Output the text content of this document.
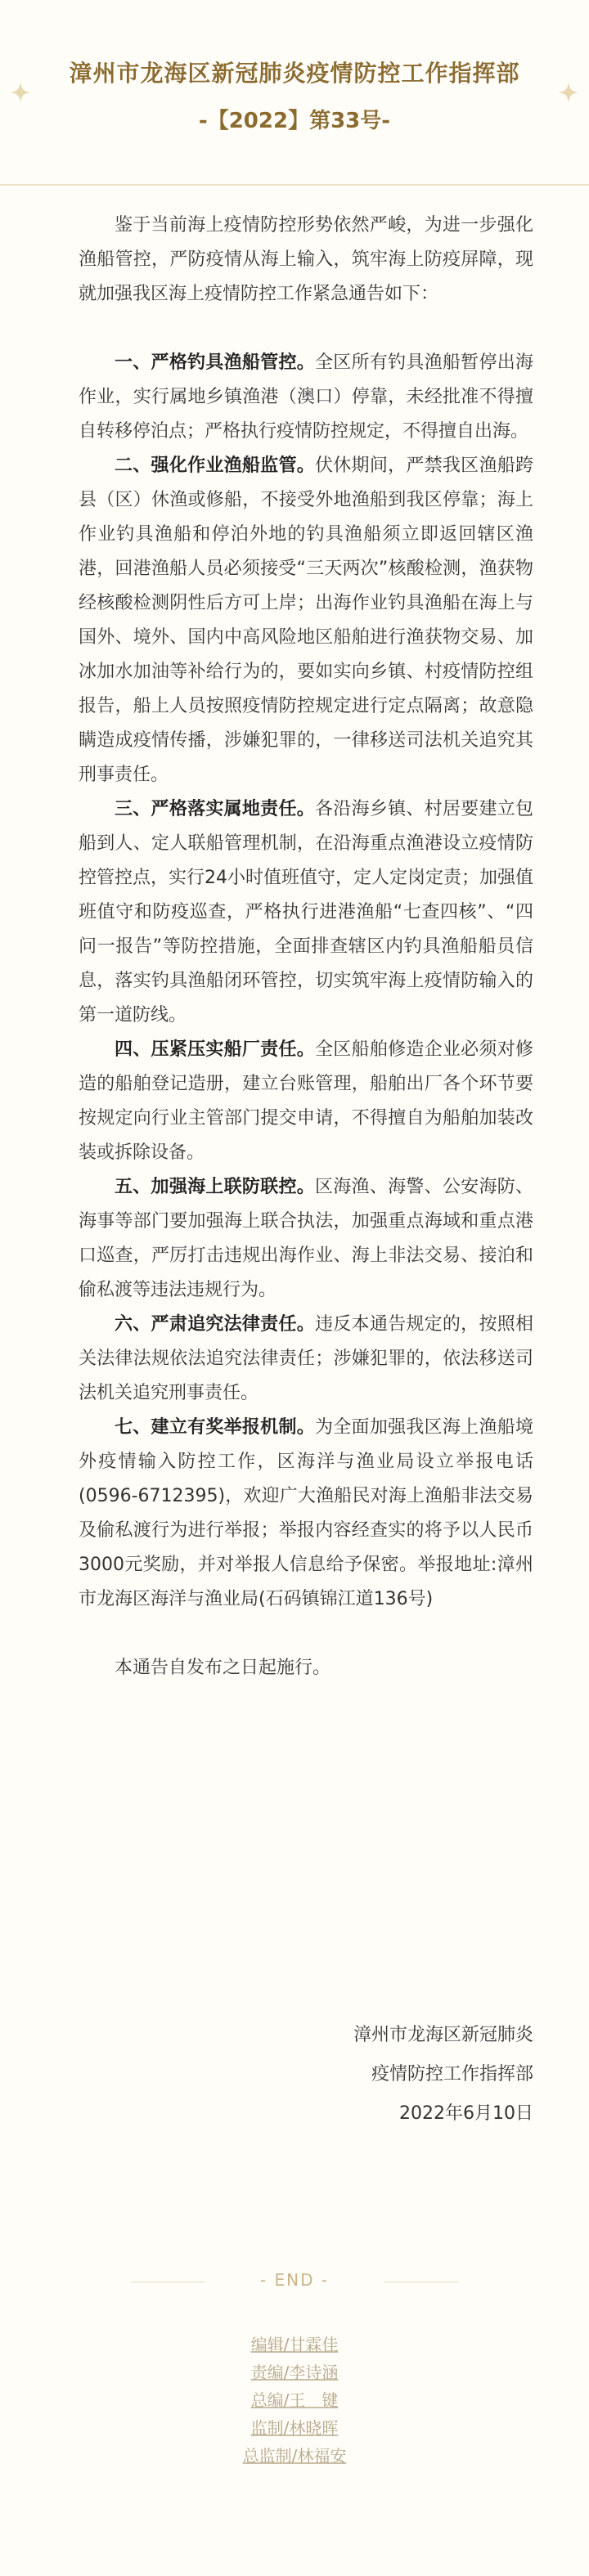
漳州市龙海区新冠肺炎疫情防控工作指挥部
-【2022】第33号-

鉴于当前海上疫情防控形势依然严峻，为进一步强化渔船管控，严防疫情从海上输入，筑牢海上防疫屏障，现就加强我区海上疫情防控工作紧急通告如下：

一、严格钓具渔船管控。全区所有钓具渔船暂停出海作业，实行属地乡镇渔港（澳口）停靠，未经批准不得擅自转移停泊点；严格执行疫情防控规定，不得擅自出海。

二、强化作业渔船监管。伏休期间，严禁我区渔船跨县（区）休渔或修船，不接受外地渔船到我区停靠；海上作业钓具渔船和停泊外地的钓具渔船须立即返回辖区渔港，回港渔船人员必须接受“三天两次”核酸检测，渔获物经核酸检测阴性后方可上岸；出海作业钓具渔船在海上与国外、境外、国内中高风险地区船舶进行渔获物交易、加冰加水加油等补给行为的，要如实向乡镇、村疫情防控组报告，船上人员按照疫情防控规定进行定点隔离；故意隐瞒造成疫情传播，涉嫌犯罪的，一律移送司法机关追究其刑事责任。

三、严格落实属地责任。各沿海乡镇、村居要建立包船到人、定人联船管理机制，在沿海重点渔港设立疫情防控管控点，实行24小时值班值守，定人定岗定责；加强值班值守和防疫巡查，严格执行进港渔船“七查四核”、“四问一报告”等防控措施，全面排查辖区内钓具渔船船员信息，落实钓具渔船闭环管控，切实筑牢海上疫情防输入的第一道防线。

四、压紧压实船厂责任。全区船舶修造企业必须对修造的船舶登记造册，建立台账管理，船舶出厂各个环节要按规定向行业主管部门提交申请，不得擅自为船舶加装改装或拆除设备。

五、加强海上联防联控。区海渔、海警、公安海防、海事等部门要加强海上联合执法，加强重点海域和重点港口巡查，严厉打击违规出海作业、海上非法交易、接泊和偷私渡等违法违规行为。

六、严肃追究法律责任。违反本通告规定的，按照相关法律法规依法追究法律责任；涉嫌犯罪的，依法移送司法机关追究刑事责任。

七、建立有奖举报机制。为全面加强我区海上渔船境外疫情输入防控工作，区海洋与渔业局设立举报电话(0596-6712395)，欢迎广大渔船民对海上渔船非法交易及偷私渡行为进行举报；举报内容经查实的将予以人民币3000元奖励，并对举报人信息给予保密。举报地址:漳州市龙海区海洋与渔业局(石码镇锦江道136号)

本通告自发布之日起施行。

漳州市龙海区新冠肺炎
疫情防控工作指挥部
2022年6月10日
- END -
编辑/甘霖佳
责编/李诗涵
总编/王　键
监制/林晓晖
总监制/林福安
